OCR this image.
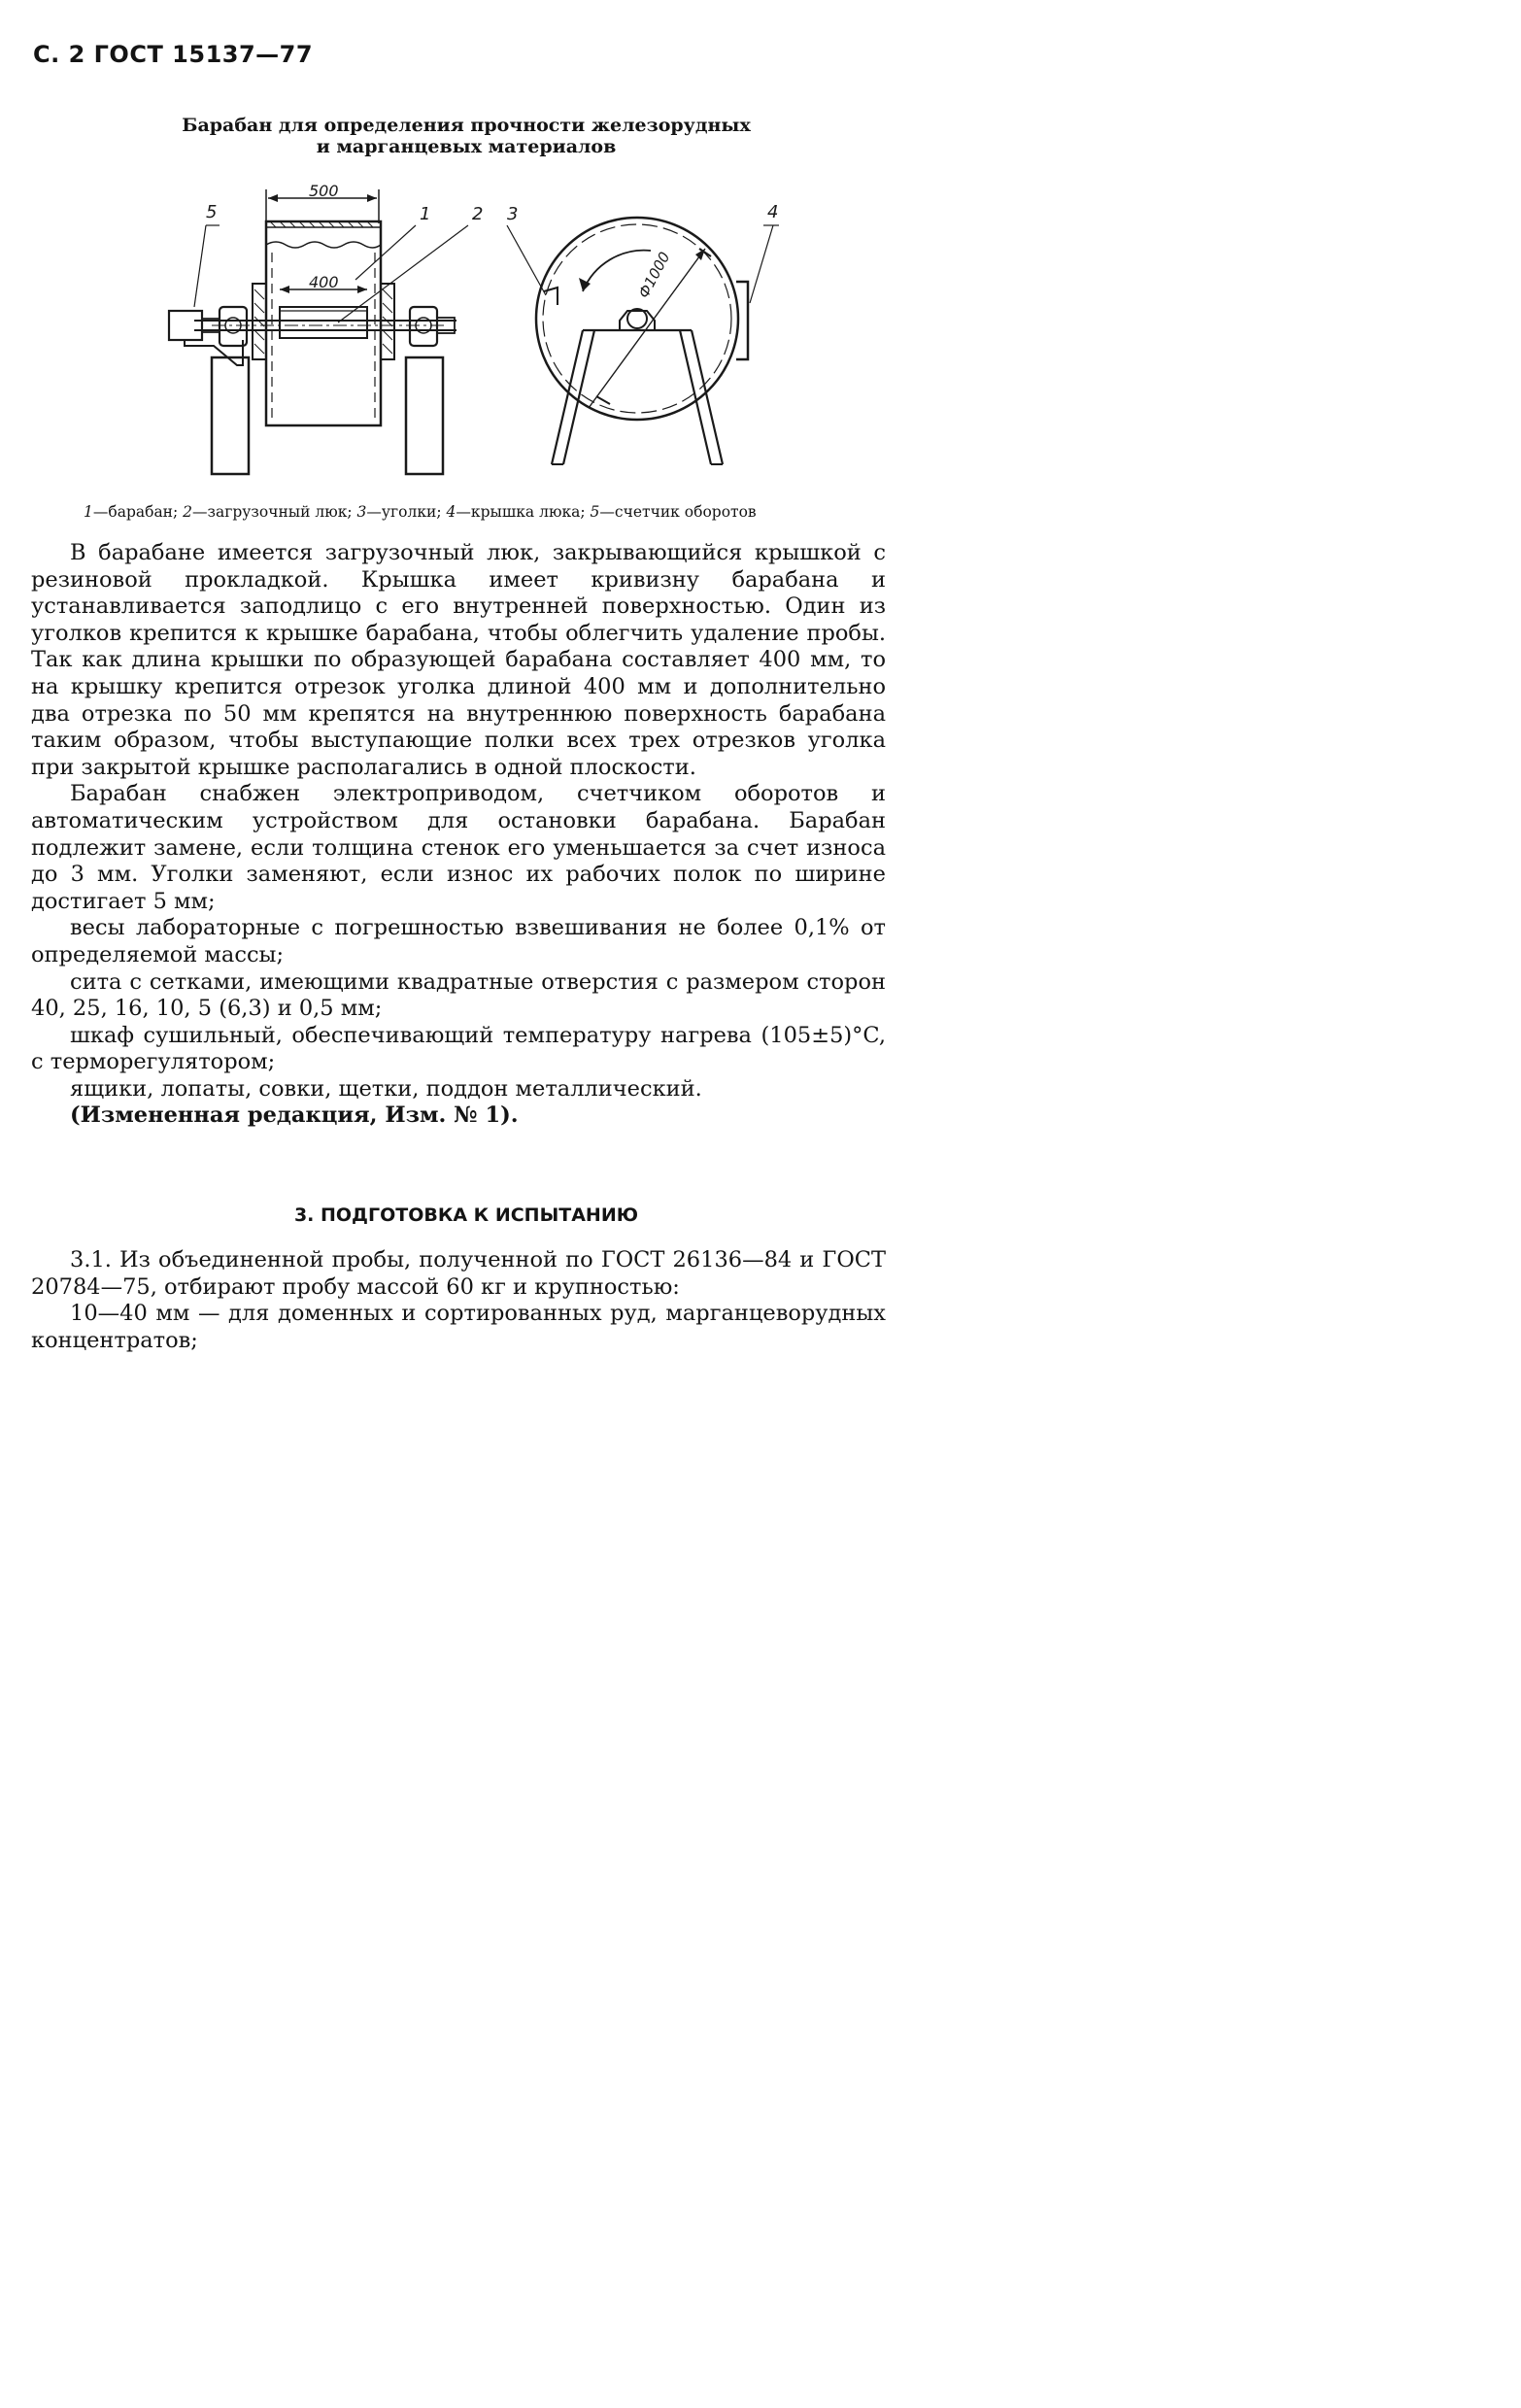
С. 2 ГОСТ 15137—77
Барабан для определения прочности железорудных
и марганцевых материалов
500
400
5	1 2
Ф1000
3	4
1—барабан; 2—загрузочный люк; 3—уголки; 4—крышка люка; 5—счетчик оборотов

В барабане имеется загрузочный люк, закрывающийся крышкой с резиновой прокладкой. Крышка имеет кривизну барабана и устанавливается заподлицо с его внутренней поверхностью. Один из уголков крепится к крышке барабана, чтобы облегчить удаление пробы. Так как длина крышки по образующей барабана составляет 400 мм, то на крышку крепится отрезок уголка длиной 400 мм и дополнительно два отрезка по 50 мм крепятся на внутреннюю поверхность барабана таким образом, чтобы выступающие полки всех трех отрезков уголка при закрытой крышке располагались в одной плоскости.

Барабан снабжен электроприводом, счетчиком оборотов и автоматическим устройством для остановки барабана. Барабан подлежит замене, если толщина стенок его уменьшается за счет износа до 3 мм. Уголки заменяют, если износ их рабочих полок по ширине достигает 5 мм;

весы лабораторные с погрешностью взвешивания не более 0,1% от определяемой массы;

сита с сетками, имеющими квадратные отверстия с размером сторон 40, 25, 16, 10, 5 (6,3) и 0,5 мм;

шкаф сушильный, обеспечивающий температуру нагрева (105±5)°C, с терморегулятором;

ящики, лопаты, совки, щетки, поддон металлический.

(Измененная редакция, Изм. № 1).

3. ПОДГОТОВКА К ИСПЫТАНИЮ

3.1. Из объединенной пробы, полученной по ГОСТ 26136—84 и ГОСТ 20784—75, отбирают пробу массой 60 кг и крупностью:

10—40 мм — для доменных и сортированных руд, марганцеворудных концентратов;
